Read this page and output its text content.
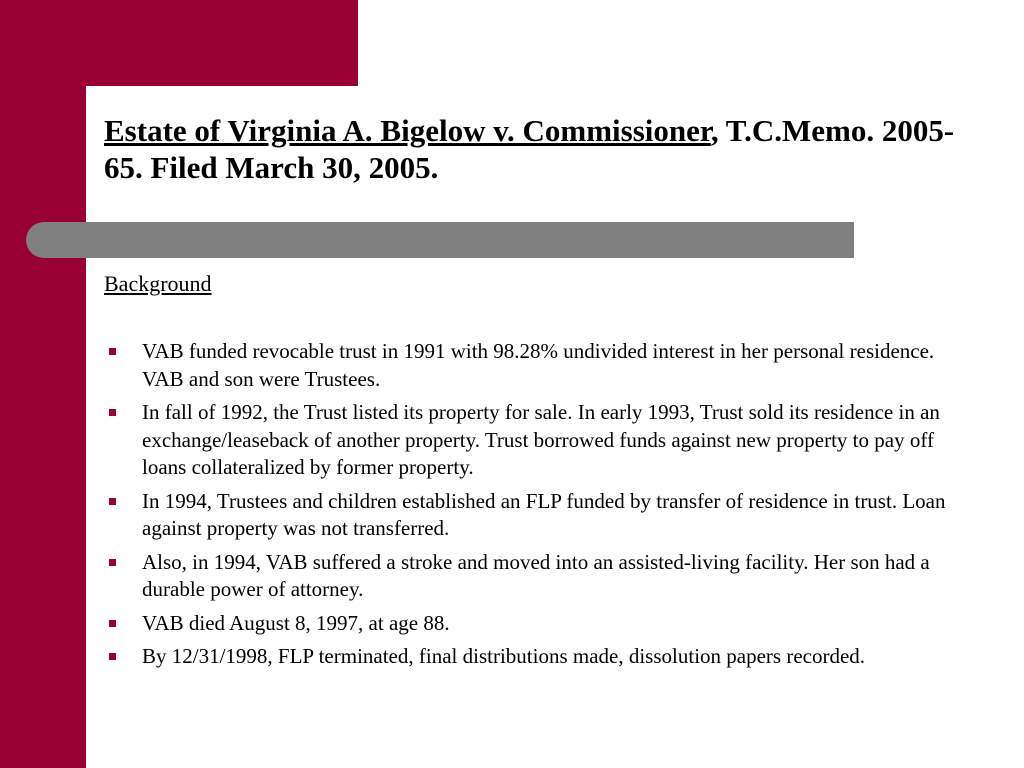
Estate of Virginia A. Bigelow v. Commissioner, T.C.Memo. 2005-65. Filed March 30, 2005.
Background
VAB funded revocable trust in 1991 with 98.28% undivided interest in her personal residence. VAB and son were Trustees.
In fall of 1992, the Trust listed its property for sale. In early 1993, Trust sold its residence in an exchange/leaseback of another property. Trust borrowed funds against new property to pay off loans collateralized by former property.
In 1994, Trustees and children established an FLP funded by transfer of residence in trust. Loan against property was not transferred.
Also, in 1994, VAB suffered a stroke and moved into an assisted-living facility. Her son had a durable power of attorney.
VAB died August 8, 1997, at age 88.
By 12/31/1998, FLP terminated, final distributions made, dissolution papers recorded.
